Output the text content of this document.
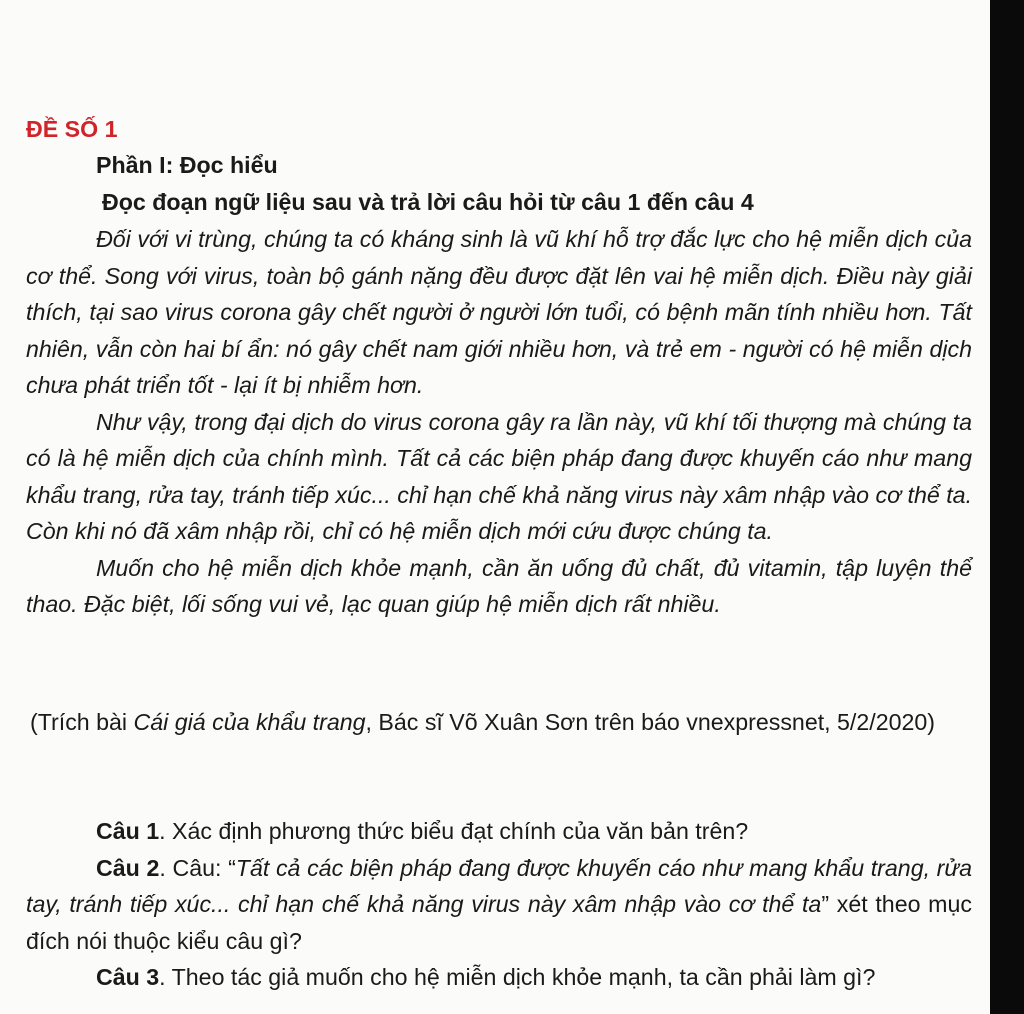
ĐỀ SỐ 1
Phần I: Đọc hiểu
Đọc đoạn ngữ liệu sau và trả lời câu hỏi từ câu 1 đến câu 4

Đối với vi trùng, chúng ta có kháng sinh là vũ khí hỗ trợ đắc lực cho hệ miễn dịch của cơ thể. Song với virus, toàn bộ gánh nặng đều được đặt lên vai hệ miễn dịch. Điều này giải thích, tại sao virus corona gây chết người ở người lớn tuổi, có bệnh mãn tính nhiều hơn. Tất nhiên, vẫn còn hai bí ẩn: nó gây chết nam giới nhiều hơn, và trẻ em - người có hệ miễn dịch chưa phát triển tốt - lại ít bị nhiễm hơn.

Như vậy, trong đại dịch do virus corona gây ra lần này, vũ khí tối thượng mà chúng ta có là hệ miễn dịch của chính mình. Tất cả các biện pháp đang được khuyến cáo như mang khẩu trang, rửa tay, tránh tiếp xúc... chỉ hạn chế khả năng virus này xâm nhập vào cơ thể ta. Còn khi nó đã xâm nhập rồi, chỉ có hệ miễn dịch mới cứu được chúng ta.

Muốn cho hệ miễn dịch khỏe mạnh, cần ăn uống đủ chất, đủ vitamin, tập luyện thể thao. Đặc biệt, lối sống vui vẻ, lạc quan giúp hệ miễn dịch rất nhiều.

(Trích bài Cái giá của khẩu trang, Bác sĩ Võ Xuân Sơn trên báo vnexpressnet, 5/2/2020)

Câu 1. Xác định phương thức biểu đạt chính của văn bản trên?

Câu 2. Câu: “Tất cả các biện pháp đang được khuyến cáo như mang khẩu trang, rửa tay, tránh tiếp xúc... chỉ hạn chế khả năng virus này xâm nhập vào cơ thể ta” xét theo mục đích nói thuộc kiểu câu gì?

Câu 3. Theo tác giả muốn cho hệ miễn dịch khỏe mạnh, ta cần phải làm gì?
